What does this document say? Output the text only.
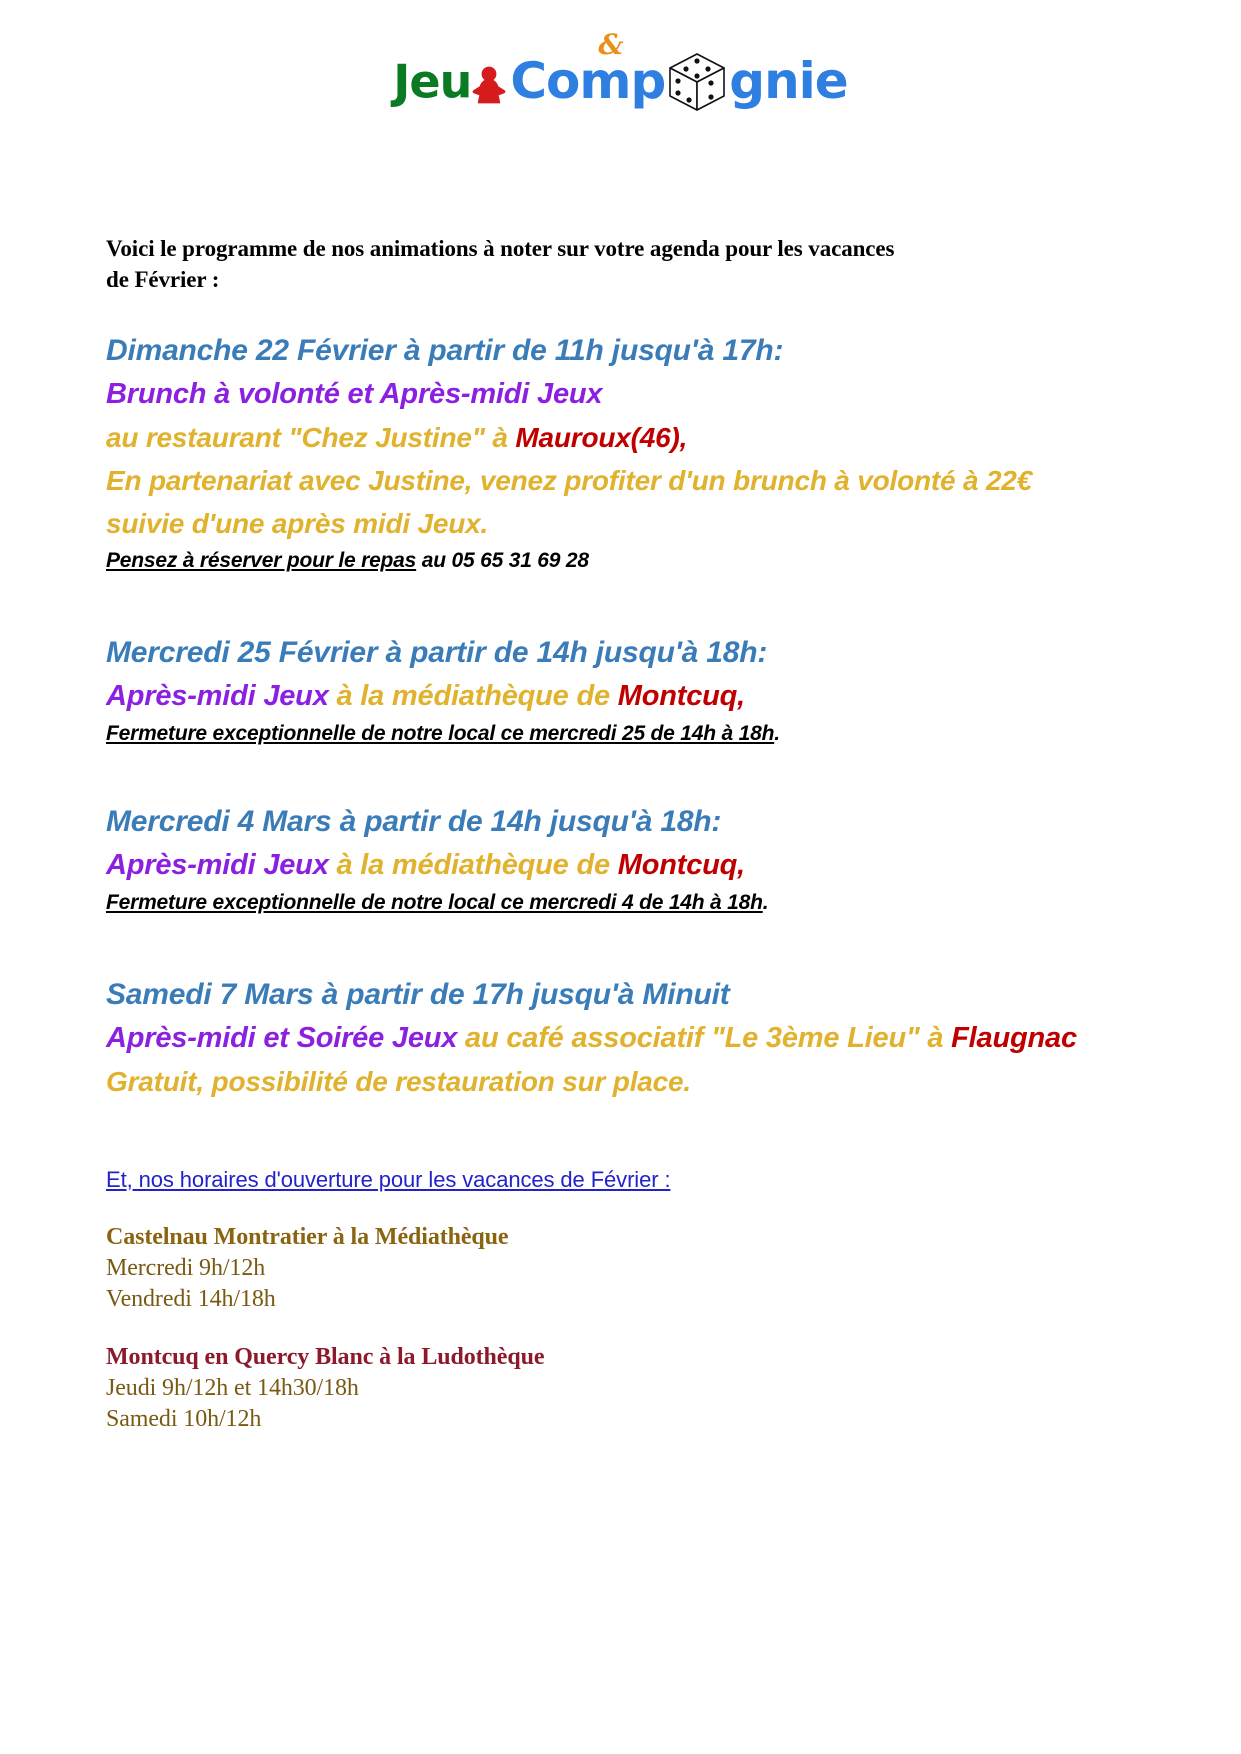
Jeu
&
Comp gnie

Voici le programme de nos animations à noter sur votre agenda pour les vacances de Février :

Dimanche 22 Février à partir de 11h jusqu'à 17h:
Brunch à volonté et Après-midi Jeux
au restaurant "Chez Justine" à Mauroux(46),
En partenariat avec Justine, venez profiter d'un brunch à volonté à 22€ suivie d'une après midi Jeux.
Pensez à réserver pour le repas au 05 65 31 69 28
Mercredi 25 Février à partir de 14h jusqu'à 18h:
Après-midi Jeux à la médiathèque de Montcuq,
Fermeture exceptionnelle de notre local ce mercredi 25 de 14h à 18h.
Mercredi 4 Mars à partir de 14h jusqu'à 18h:
Après-midi Jeux à la médiathèque de Montcuq,
Fermeture exceptionnelle de notre local ce mercredi 4 de 14h à 18h.
Samedi 7 Mars à partir de 17h jusqu'à Minuit
Après-midi et Soirée Jeux au café associatif "Le 3ème Lieu" à Flaugnac
Gratuit, possibilité de restauration sur place.
Et, nos horaires d'ouverture pour les vacances de Février :
Castelnau Montratier à la Médiathèque
Mercredi 9h/12h
Vendredi 14h/18h
Montcuq en Quercy Blanc à la Ludothèque
Jeudi 9h/12h et 14h30/18h
Samedi 10h/12h
